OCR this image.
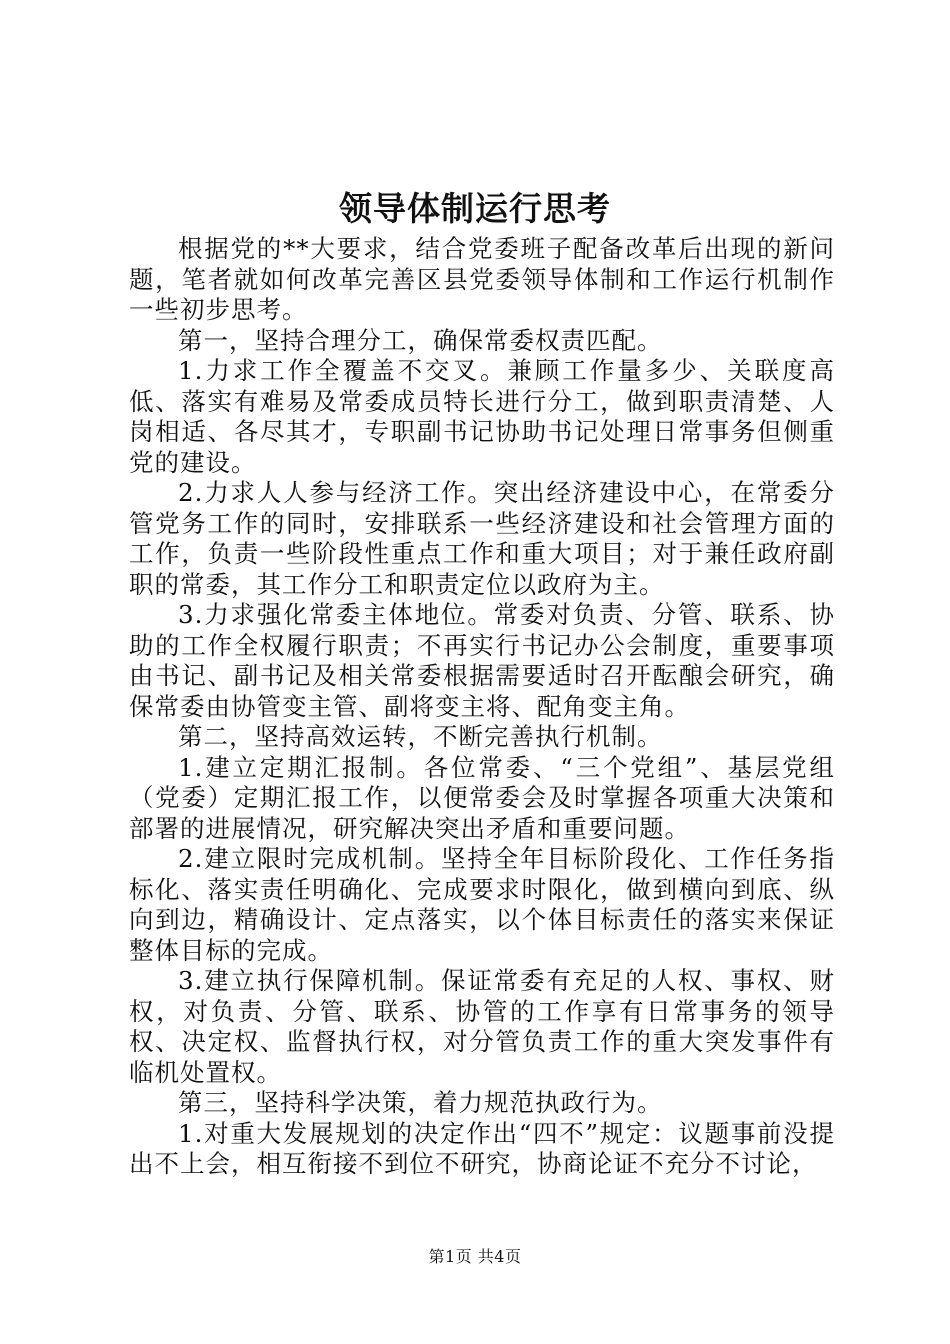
领导体制运行思考

根据党的**大要求，结合党委班子配备改革后出现的新问题，笔者就如何改革完善区县党委领导体制和工作运行机制作一些初步思考。

第一，坚持合理分工，确保常委权责匹配。

1.力求工作全覆盖不交叉。兼顾工作量多少、关联度高低、落实有难易及常委成员特长进行分工，做到职责清楚、人岗相适、各尽其才，专职副书记协助书记处理日常事务但侧重党的建设。

2.力求人人参与经济工作。突出经济建设中心，在常委分管党务工作的同时，安排联系一些经济建设和社会管理方面的工作，负责一些阶段性重点工作和重大项目；对于兼任政府副职的常委，其工作分工和职责定位以政府为主。

3.力求强化常委主体地位。常委对负责、分管、联系、协助的工作全权履行职责；不再实行书记办公会制度，重要事项由书记、副书记及相关常委根据需要适时召开酝酿会研究，确保常委由协管变主管、副将变主将、配角变主角。

第二，坚持高效运转，不断完善执行机制。

1.建立定期汇报制。各位常委、“三个党组”、基层党组（党委）定期汇报工作，以便常委会及时掌握各项重大决策和部署的进展情况，研究解决突出矛盾和重要问题。

2.建立限时完成机制。坚持全年目标阶段化、工作任务指标化、落实责任明确化、完成要求时限化，做到横向到底、纵向到边，精确设计、定点落实，以个体目标责任的落实来保证整体目标的完成。

3.建立执行保障机制。保证常委有充足的人权、事权、财权，对负责、分管、联系、协管的工作享有日常事务的领导权、决定权、监督执行权，对分管负责工作的重大突发事件有临机处置权。

第三，坚持科学决策，着力规范执政行为。

1.对重大发展规划的决定作出“四不”规定：议题事前没提出不上会，相互衔接不到位不研究，协商论证不充分不讨论，

第1页 共4页
